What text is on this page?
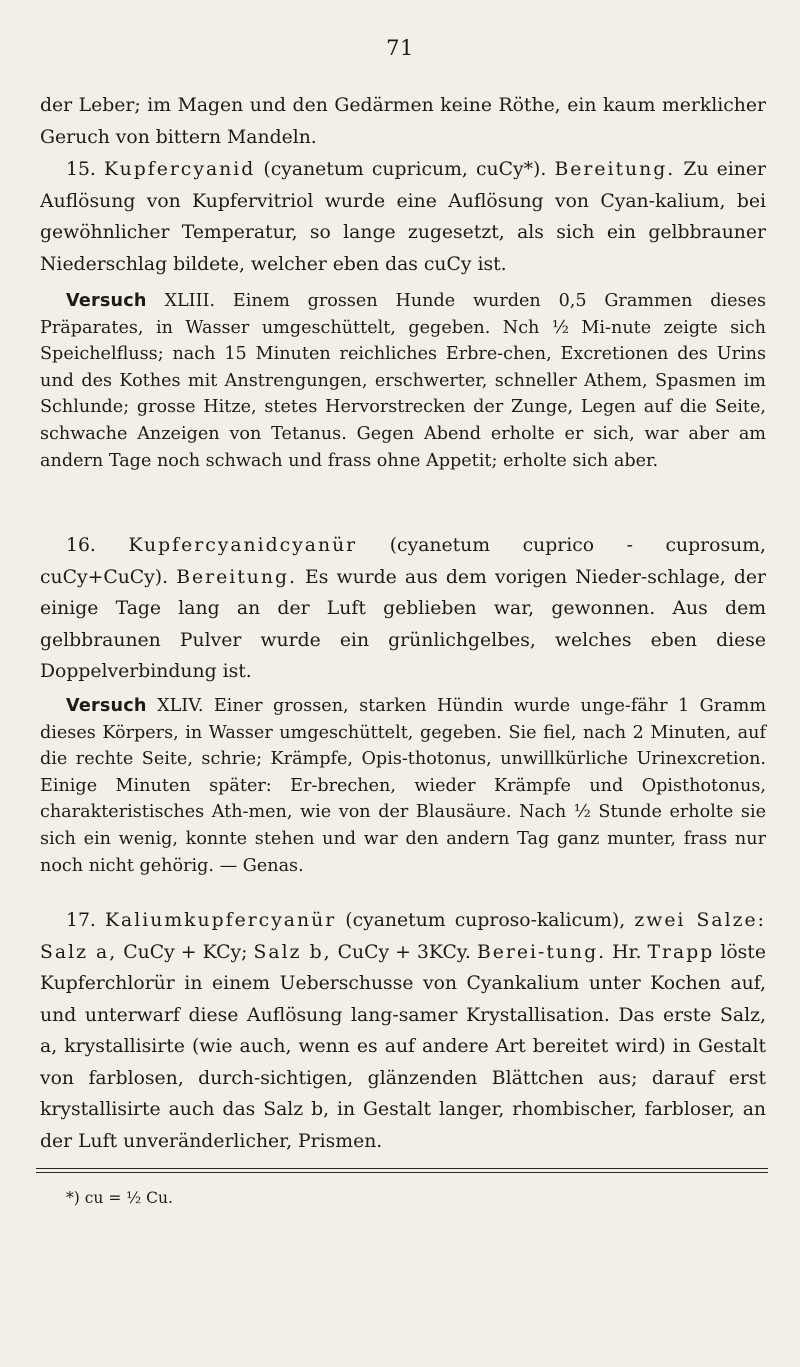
71

der Leber; im Magen und den Gedärmen keine Röthe, ein kaum merklicher Geruch von bittern Mandeln.

15. Kupfercyanid (cyanetum cupricum, cuCy*). Bereitung. Zu einer Auflösung von Kupfervitriol wurde eine Auflösung von Cyan-kalium, bei gewöhnlicher Temperatur, so lange zugesetzt, als sich ein gelbbrauner Niederschlag bildete, welcher eben das cuCy ist.

Versuch XLIII. Einem grossen Hunde wurden 0,5 Grammen dieses Präparates, in Wasser umgeschüttelt, gegeben. Nch ½ Mi-nute zeigte sich Speichelfluss; nach 15 Minuten reichliches Erbre-chen, Excretionen des Urins und des Kothes mit Anstrengungen, erschwerter, schneller Athem, Spasmen im Schlunde; grosse Hitze, stetes Hervorstrecken der Zunge, Legen auf die Seite, schwache Anzeigen von Tetanus. Gegen Abend erholte er sich, war aber am andern Tage noch schwach und frass ohne Appetit; erholte sich aber.

16. Kupfercyanidcyanür (cyanetum cuprico - cuprosum, cuCy+CuCy). Bereitung. Es wurde aus dem vorigen Nieder-schlage, der einige Tage lang an der Luft geblieben war, gewonnen. Aus dem gelbbraunen Pulver wurde ein grünlichgelbes, welches eben diese Doppelverbindung ist.

Versuch XLIV. Einer grossen, starken Hündin wurde unge-fähr 1 Gramm dieses Körpers, in Wasser umgeschüttelt, gegeben. Sie fiel, nach 2 Minuten, auf die rechte Seite, schrie; Krämpfe, Opis-thotonus, unwillkürliche Urinexcretion. Einige Minuten später: Er-brechen, wieder Krämpfe und Opisthotonus, charakteristisches Ath-men, wie von der Blausäure. Nach ½ Stunde erholte sie sich ein wenig, konnte stehen und war den andern Tag ganz munter, frass nur noch nicht gehörig. — Genas.

17. Kaliumkupfercyanür (cyanetum cuproso-kalicum), zwei Salze: Salz a, CuCy + KCy; Salz b, CuCy + 3KCy. Berei-tung. Hr. Trapp löste Kupferchlorür in einem Ueberschusse von Cyankalium unter Kochen auf, und unterwarf diese Auflösung lang-samer Krystallisation. Das erste Salz, a, krystallisirte (wie auch, wenn es auf andere Art bereitet wird) in Gestalt von farblosen, durch-sichtigen, glänzenden Blättchen aus; darauf erst krystallisirte auch das Salz b, in Gestalt langer, rhombischer, farbloser, an der Luft unveränderlicher, Prismen.

*) cu = ½ Cu.
